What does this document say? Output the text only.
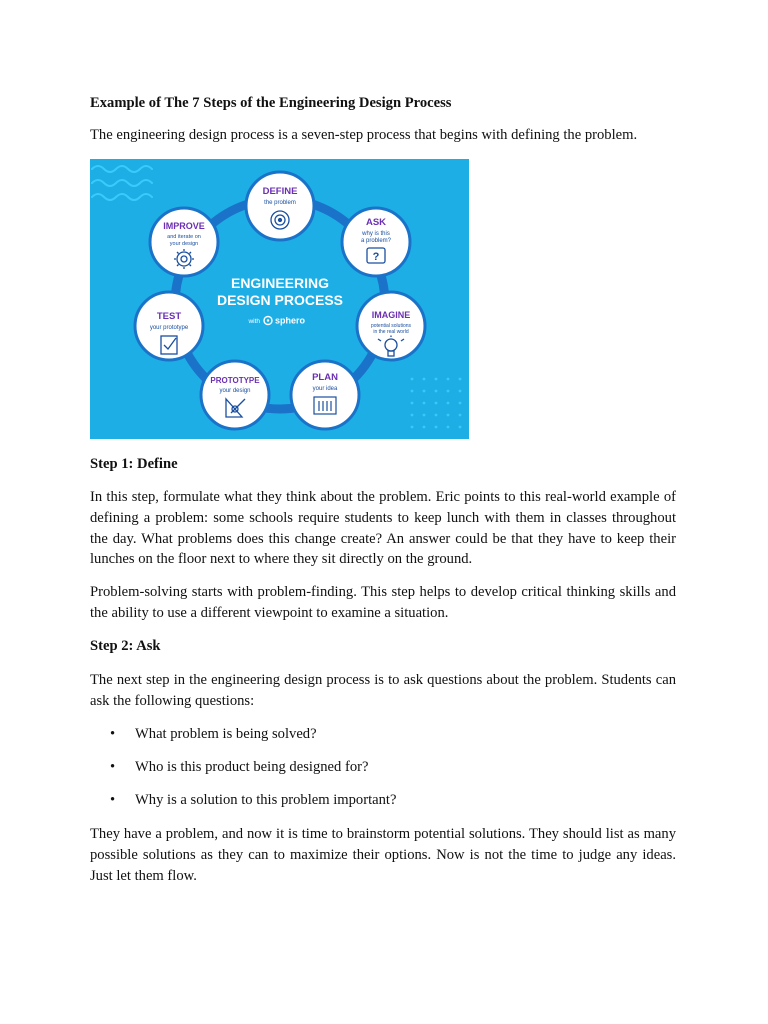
Example of The 7 Steps of the Engineering Design Process

The engineering design process is a seven-step process that begins with defining the problem.

ENGINEERING
DESIGN PROCESS
with sphero
DEFINE
the problem
ASK
why is this
a problem?
?
IMAGINE
potential solutions
in the real world
PLAN
your idea
PROTOTYPE
your design
TEST
your prototype
IMPROVE
and iterate on
your design

Step 1: Define

In this step, formulate what they think about the problem. Eric points to this real-world example of defining a problem: some schools require students to keep lunch with them in classes throughout the day. What problems does this change create? An answer could be that they have to keep their lunches on the floor next to where they sit directly on the ground.

Problem-solving starts with problem-finding. This step helps to develop critical thinking skills and the ability to use a different viewpoint to examine a situation.

Step 2: Ask

The next step in the engineering design process is to ask questions about the problem. Students can ask the following questions:

• What problem is being solved?
• Who is this product being designed for?
• Why is a solution to this problem important?

They have a problem, and now it is time to brainstorm potential solutions. They should list as many possible solutions as they can to maximize their options. Now is not the time to judge any ideas. Just let them flow.
